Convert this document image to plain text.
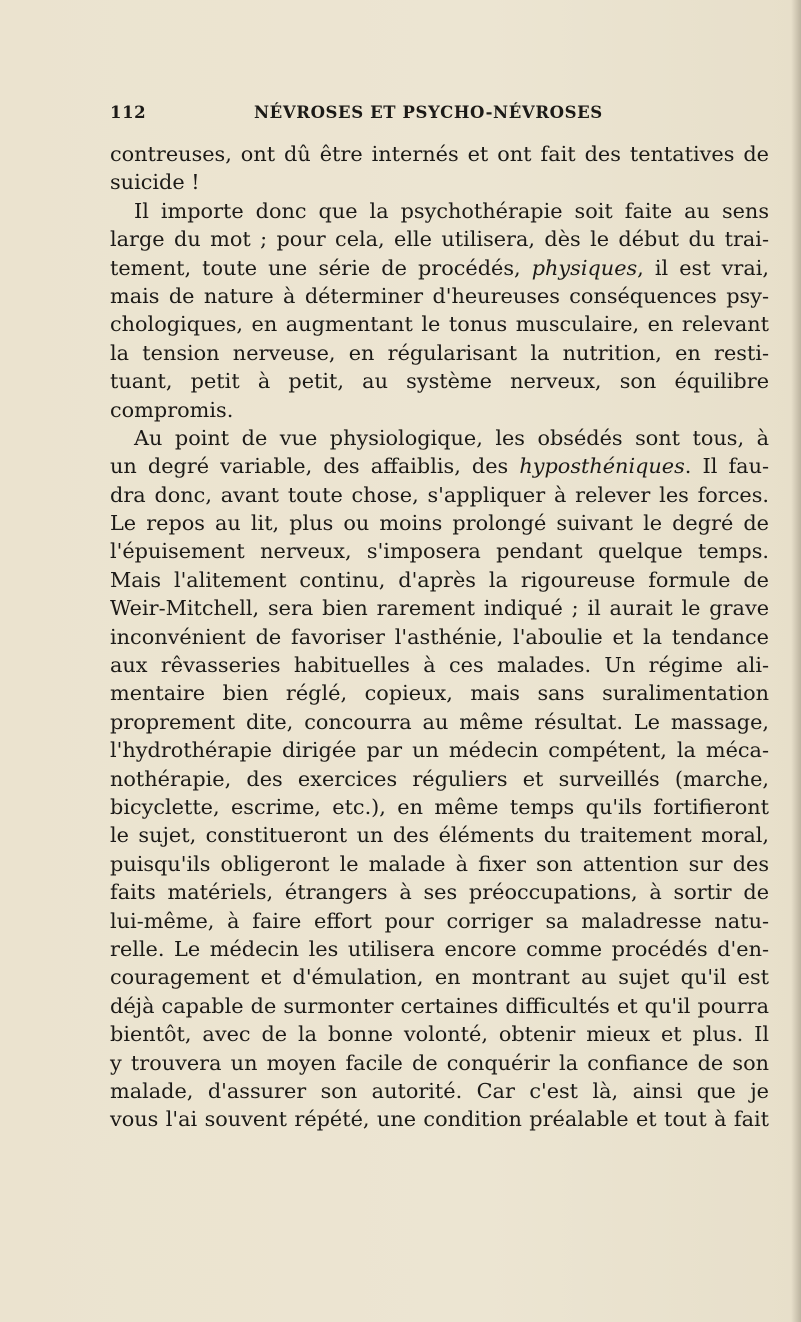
112	NÉVROSES ET PSYCHO-NÉVROSES
contreuses, ont dû être internés et ont fait des tentatives de
suicide !
Il importe donc que la psychothérapie soit faite au sens
large du mot ; pour cela, elle utilisera, dès le début du trai-
tement, toute une série de procédés, physiques, il est vrai,
mais de nature à déterminer d'heureuses conséquences psy-
chologiques, en augmentant le tonus musculaire, en relevant
la tension nerveuse, en régularisant la nutrition, en resti-
tuant, petit à petit, au système nerveux, son équilibre
compromis.
Au point de vue physiologique, les obsédés sont tous, à
un degré variable, des affaiblis, des hyposthéniques. Il fau-
dra donc, avant toute chose, s'appliquer à relever les forces.
Le repos au lit, plus ou moins prolongé suivant le degré de
l'épuisement nerveux, s'imposera pendant quelque temps.
Mais l'alitement continu, d'après la rigoureuse formule de
Weir-Mitchell, sera bien rarement indiqué ; il aurait le grave
inconvénient de favoriser l'asthénie, l'aboulie et la tendance
aux rêvasseries habituelles à ces malades. Un régime ali-
mentaire bien réglé, copieux, mais sans suralimentation
proprement dite, concourra au même résultat. Le massage,
l'hydrothérapie dirigée par un médecin compétent, la méca-
nothérapie, des exercices réguliers et surveillés (marche,
bicyclette, escrime, etc.), en même temps qu'ils fortifieront
le sujet, constitueront un des éléments du traitement moral,
puisqu'ils obligeront le malade à fixer son attention sur des
faits matériels, étrangers à ses préoccupations, à sortir de
lui-même, à faire effort pour corriger sa maladresse natu-
relle. Le médecin les utilisera encore comme procédés d'en-
couragement et d'émulation, en montrant au sujet qu'il est
déjà capable de surmonter certaines difficultés et qu'il pourra
bientôt, avec de la bonne volonté, obtenir mieux et plus. Il
y trouvera un moyen facile de conquérir la confiance de son
malade, d'assurer son autorité. Car c'est là, ainsi que je
vous l'ai souvent répété, une condition préalable et tout à fait
